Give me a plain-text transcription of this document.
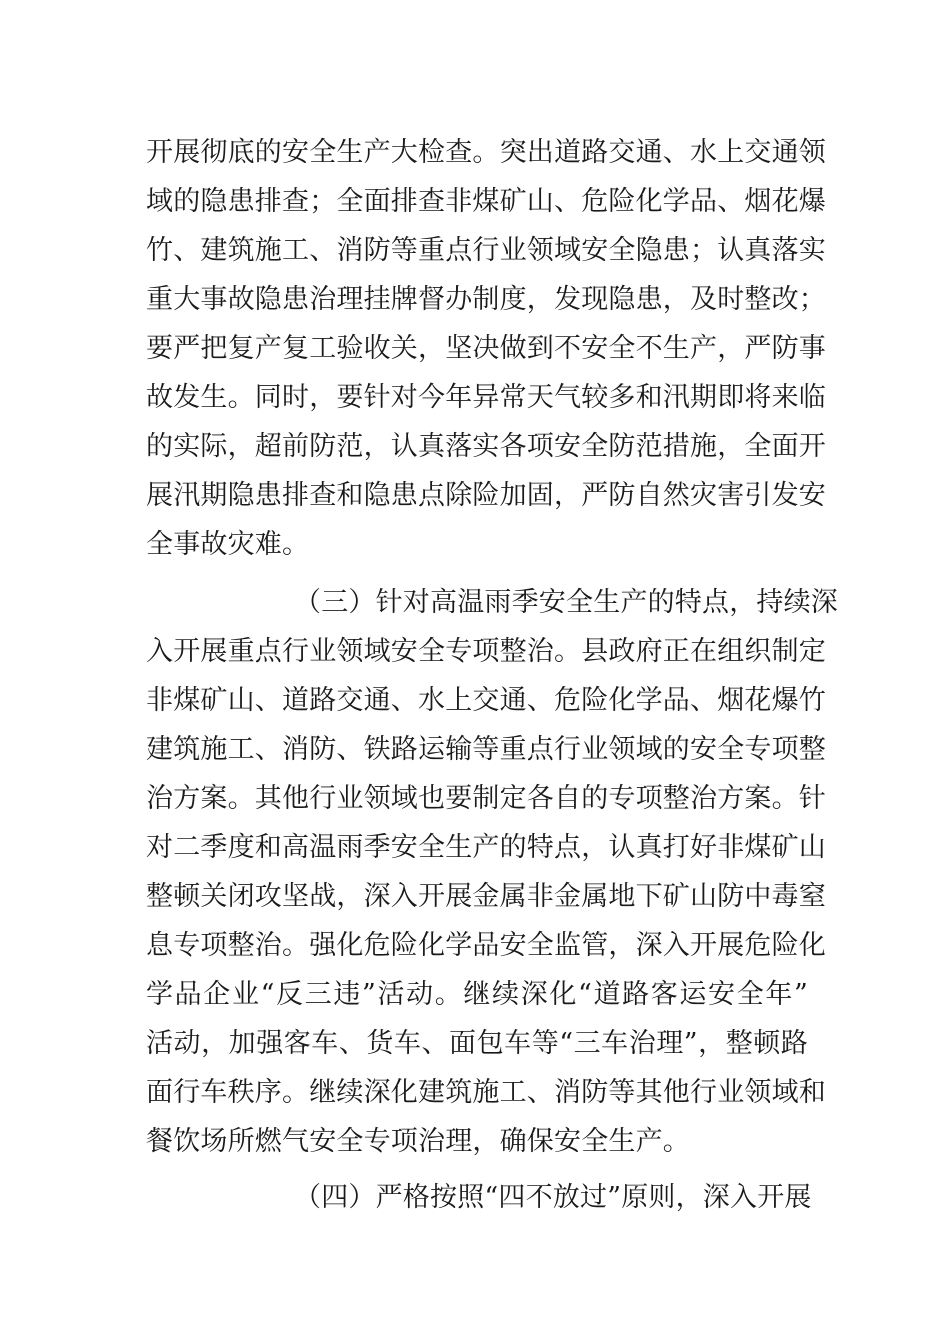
开展彻底的安全生产大检查。突出道路交通、水上交通领
域的隐患排查；全面排查非煤矿山、危险化学品、烟花爆
竹、建筑施工、消防等重点行业领域安全隐患；认真落实
重大事故隐患治理挂牌督办制度，发现隐患，及时整改；
要严把复产复工验收关，坚决做到不安全不生产，严防事
故发生。同时，要针对今年异常天气较多和汛期即将来临
的实际，超前防范，认真落实各项安全防范措施，全面开
展汛期隐患排查和隐患点除险加固，严防自然灾害引发安
全事故灾难。
（三）针对高温雨季安全生产的特点，持续深
入开展重点行业领域安全专项整治。县政府正在组织制定
非煤矿山、道路交通、水上交通、危险化学品、烟花爆竹
建筑施工、消防、铁路运输等重点行业领域的安全专项整
治方案。其他行业领域也要制定各自的专项整治方案。针
对二季度和高温雨季安全生产的特点，认真打好非煤矿山
整顿关闭攻坚战，深入开展金属非金属地下矿山防中毒窒
息专项整治。强化危险化学品安全监管，深入开展危险化
学品企业“反三违”活动。继续深化“道路客运安全年”
活动，加强客车、货车、面包车等“三车治理”，整顿路
面行车秩序。继续深化建筑施工、消防等其他行业领域和
餐饮场所燃气安全专项治理，确保安全生产。
（四）严格按照“四不放过”原则，深入开展
